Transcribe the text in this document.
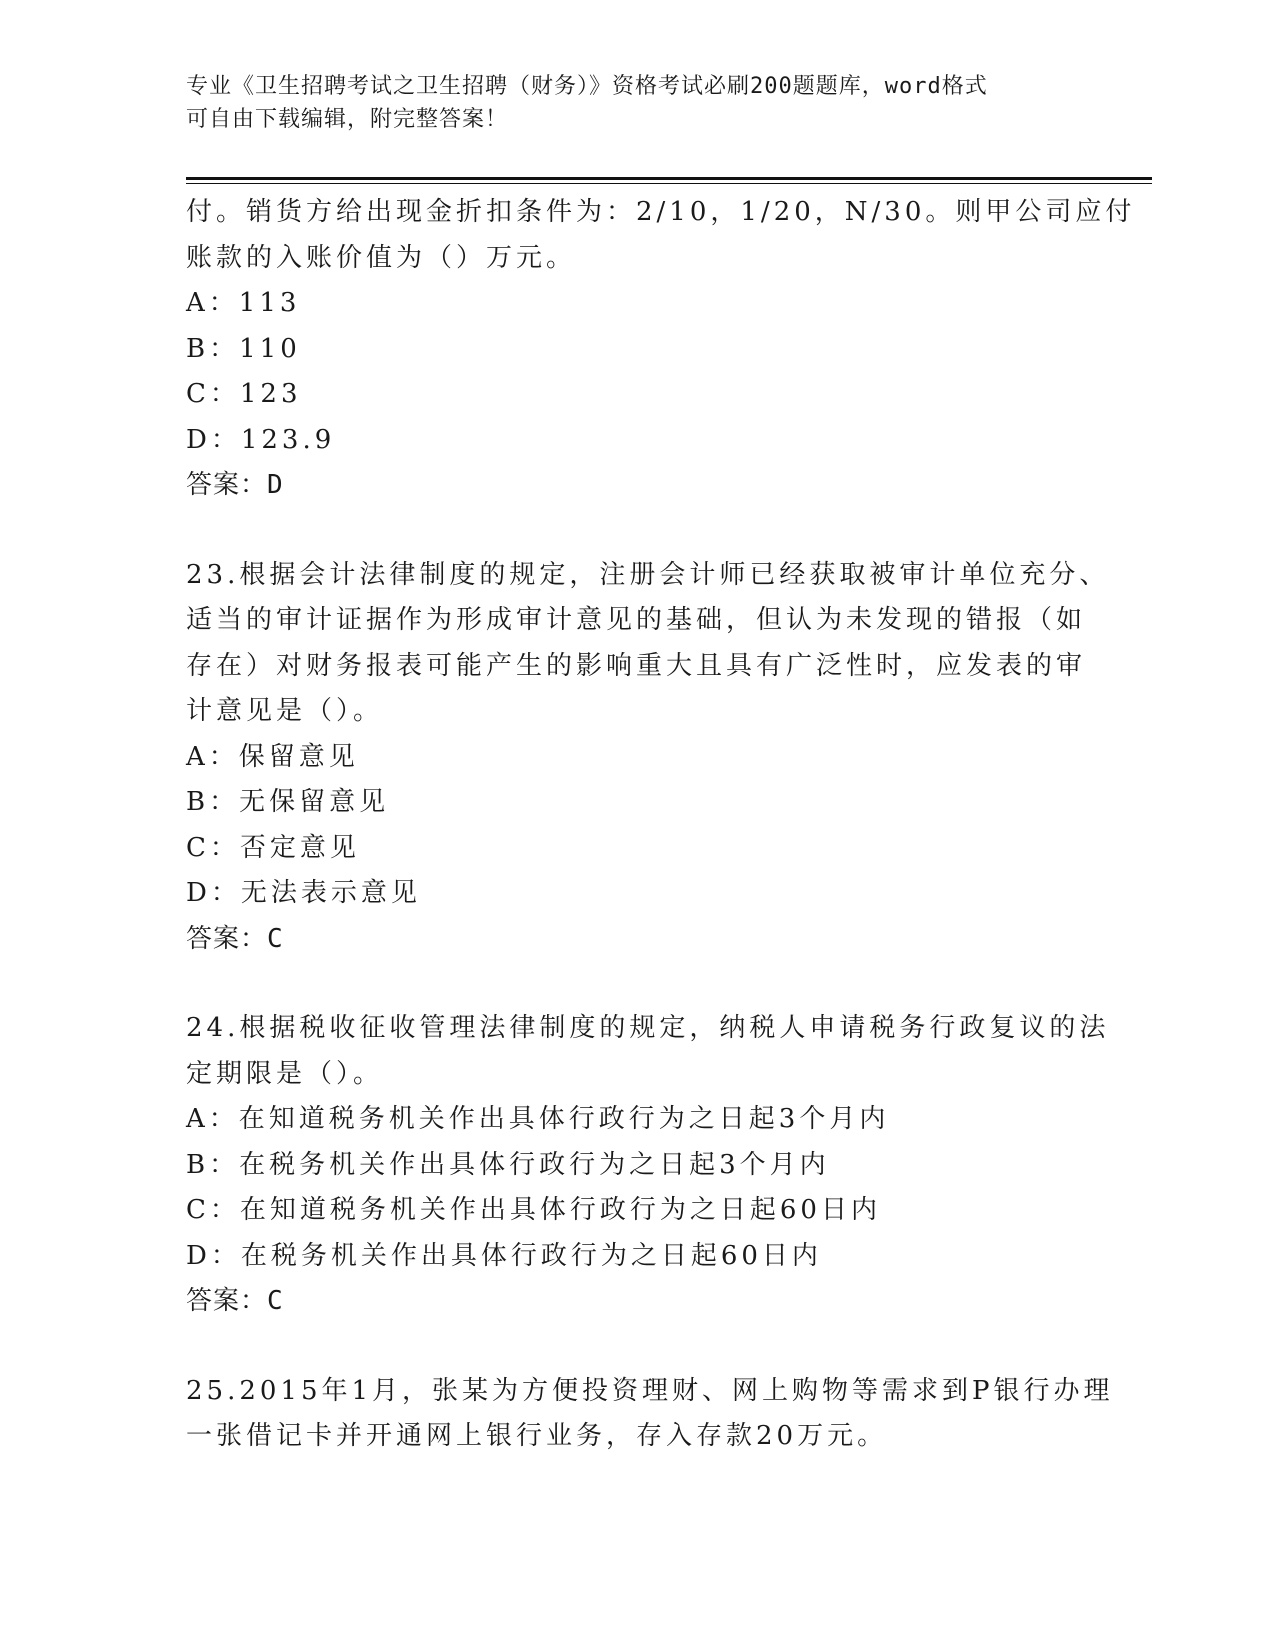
专业《卫生招聘考试之卫生招聘（财务）》资格考试必刷200题题库，word格式
可自由下载编辑，附完整答案！
付。销货方给出现金折扣条件为：2/10，1/20，N/30。则甲公司应付
账款的入账价值为（）万元。
A：113
B：110
C：123
D：123.9
答案：D
23.根据会计法律制度的规定，注册会计师已经获取被审计单位充分、
适当的审计证据作为形成审计意见的基础，但认为未发现的错报（如
存在）对财务报表可能产生的影响重大且具有广泛性时，应发表的审
计意见是（）。
A：保留意见
B：无保留意见
C：否定意见
D：无法表示意见
答案：C
24.根据税收征收管理法律制度的规定，纳税人申请税务行政复议的法
定期限是（）。
A：在知道税务机关作出具体行政行为之日起3个月内
B：在税务机关作出具体行政行为之日起3个月内
C：在知道税务机关作出具体行政行为之日起60日内
D：在税务机关作出具体行政行为之日起60日内
答案：C
25.2015年1月，张某为方便投资理财、网上购物等需求到P银行办理
一张借记卡并开通网上银行业务，存入存款20万元。
